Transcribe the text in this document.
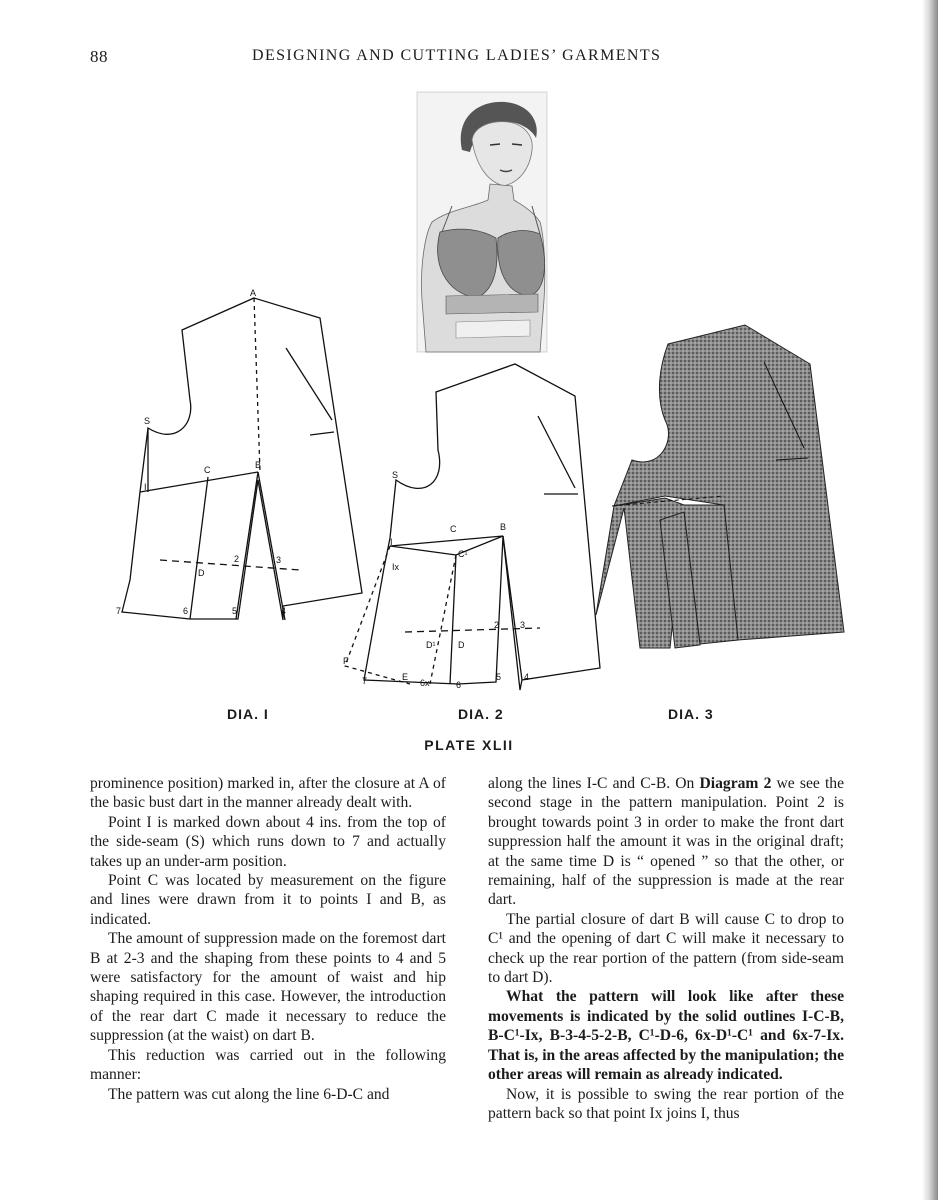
88	DESIGNING AND CUTTING LADIES’ GARMENTS
A
S
C	B
I
D
2	3
7	6	5	4
S
C	B
I
C¹
Ix
D¹	D
2 3
F
7	E
6x	6
5	4
DIA. I	DIA. 2	DIA. 3
PLATE XLII

prominence position) marked in, after the closure at A of the basic bust dart in the manner already dealt with.

Point I is marked down about 4 ins. from the top of the side-seam (S) which runs down to 7 and actually takes up an under-arm position.

Point C was located by measurement on the figure and lines were drawn from it to points I and B, as indicated.

The amount of suppression made on the foremost dart B at 2-3 and the shaping from these points to 4 and 5 were satisfactory for the amount of waist and hip shaping required in this case. However, the introduction of the rear dart C made it necessary to reduce the suppression (at the waist) on dart B.

This reduction was carried out in the following manner:

The pattern was cut along the line 6-D-C and

along the lines I-C and C-B. On Diagram 2 we see the second stage in the pattern manipulation. Point 2 is brought towards point 3 in order to make the front dart suppression half the amount it was in the original draft; at the same time D is “ opened ” so that the other, or remaining, half of the suppression is made at the rear dart.

The partial closure of dart B will cause C to drop to C¹ and the opening of dart C will make it necessary to check up the rear portion of the pattern (from side-seam to dart D).

What the pattern will look like after these movements is indicated by the solid outlines I-C-B, B-C¹-Ix, B-3-4-5-2-B, C¹-D-6, 6x-D¹-C¹ and 6x-7-Ix. That is, in the areas affected by the manipulation; the other areas will remain as already indicated.

Now, it is possible to swing the rear portion of the pattern back so that point Ix joins I, thus
